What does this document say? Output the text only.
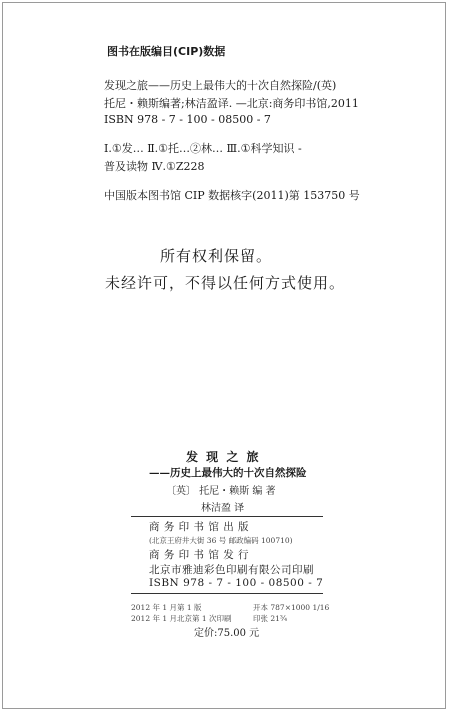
图书在版编目(CIP)数据
发现之旅——历史上最伟大的十次自然探险/(英)
托尼・赖斯编著;林洁盈译. —北京:商务印书馆,2011
ISBN 978 - 7 - 100 - 08500 - 7
Ⅰ.①发… Ⅱ.①托…②林… Ⅲ.①科学知识 -
普及读物 Ⅳ.①Z228
中国版本图书馆 CIP 数据核字(2011)第 153750 号
所有权利保留。
未经许可，不得以任何方式使用。
发 现 之 旅
——历史上最伟大的十次自然探险
〔英〕 托尼・赖斯 编 著
林洁盈 译
商 务 印 书 馆 出 版
(北京王府井大街 36 号 邮政编码 100710)
商 务 印 书 馆 发 行
北京市雅迪彩色印刷有限公司印刷
ISBN 978 - 7 - 100 - 08500 - 7
2012 年 1 月第 1 版	开本 787×1000 1/16
2012 年 1 月北京第 1 次印刷	印张 21¾
定价:75.00 元
